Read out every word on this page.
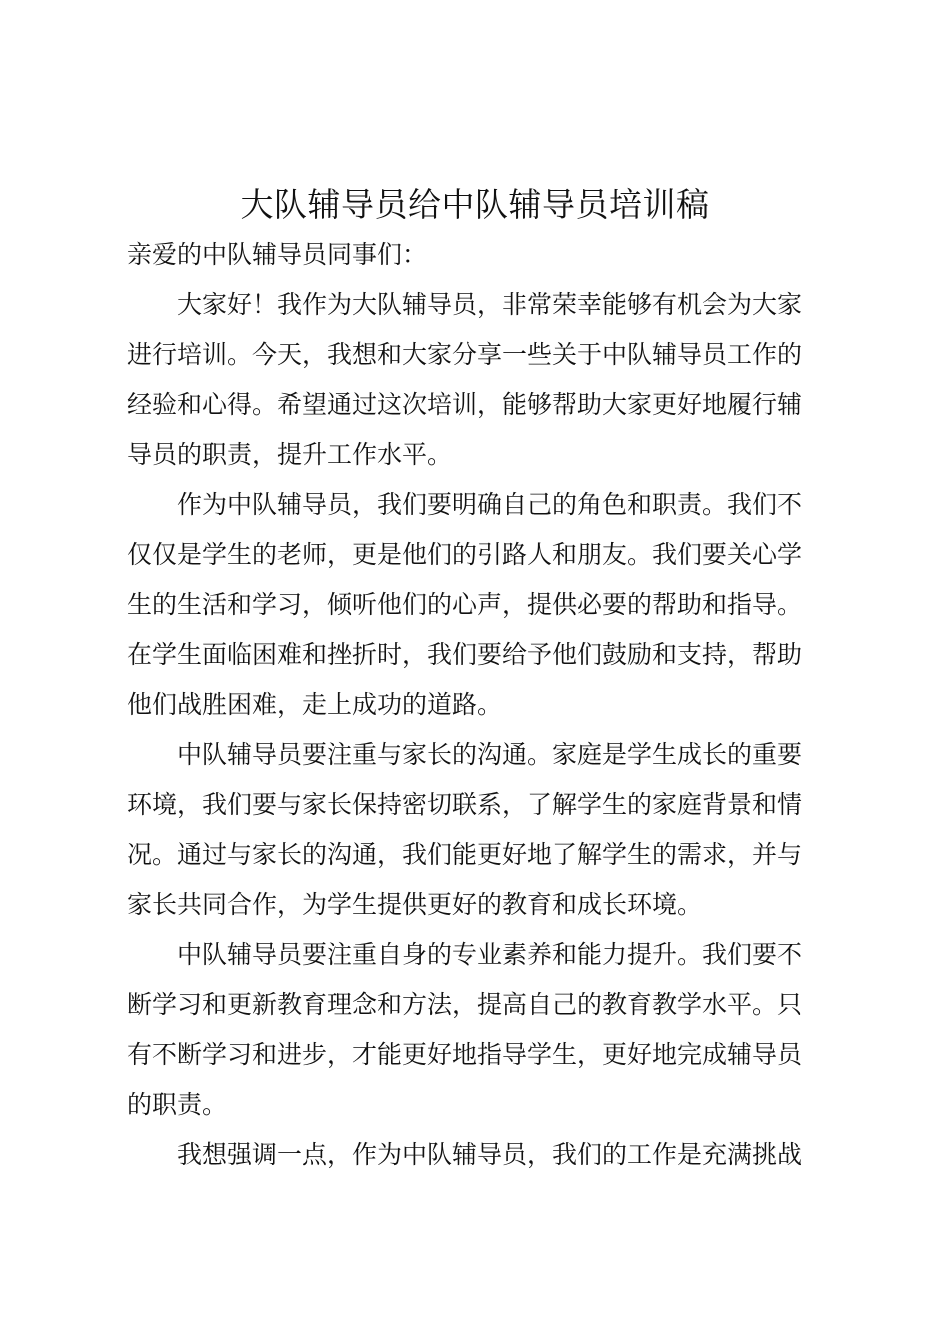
大队辅导员给中队辅导员培训稿
亲爱的中队辅导员同事们：
大家好！我作为大队辅导员，非常荣幸能够有机会为大家
进行培训。今天，我想和大家分享一些关于中队辅导员工作的
经验和心得。希望通过这次培训，能够帮助大家更好地履行辅
导员的职责，提升工作水平。
作为中队辅导员，我们要明确自己的角色和职责。我们不
仅仅是学生的老师，更是他们的引路人和朋友。我们要关心学
生的生活和学习，倾听他们的心声，提供必要的帮助和指导。
在学生面临困难和挫折时，我们要给予他们鼓励和支持，帮助
他们战胜困难，走上成功的道路。
中队辅导员要注重与家长的沟通。家庭是学生成长的重要
环境，我们要与家长保持密切联系，了解学生的家庭背景和情
况。通过与家长的沟通，我们能更好地了解学生的需求，并与
家长共同合作，为学生提供更好的教育和成长环境。
中队辅导员要注重自身的专业素养和能力提升。我们要不
断学习和更新教育理念和方法，提高自己的教育教学水平。只
有不断学习和进步，才能更好地指导学生，更好地完成辅导员
的职责。
我想强调一点，作为中队辅导员，我们的工作是充满挑战
